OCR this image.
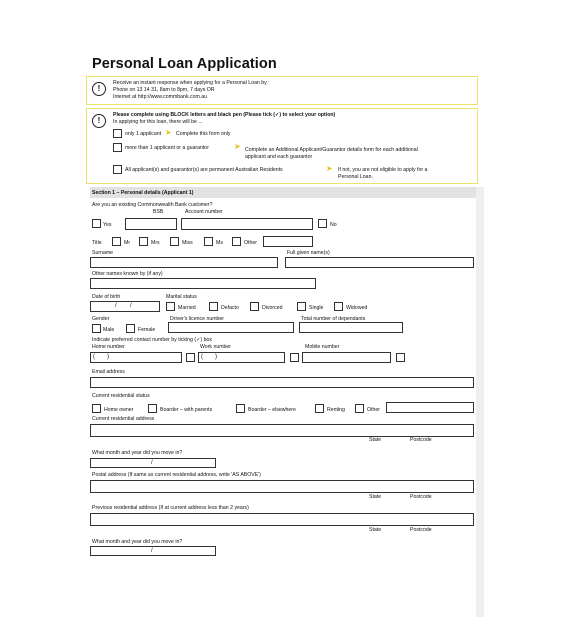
Personal Loan Application
!
Receive an instant response when applying for a Personal Loan by :
Phone on 13 14 31, 8am to 8pm, 7 days OR
Internet at http://www.commbank.com.au
!
Please complete using BLOCK letters and black pen (Please tick (✓) to select your option)
In applying for this loan, there will be ...
only 1 applicant ➤ Complete this form only
more than 1 applicant or a guarantor	➤ Complete an Additional Applicant/Guarantor details form for each additional
applicant and each guarantor
All applicant(s) and guarantor(s) are permanent Australian Residents	➤ If not, you are not eligible to apply for a
Personal Loan.
Section 1 – Personal details (Applicant 1)
Are you an existing Commonwealth Bank customer?
BSB	Account number
Yes	No
Title	Mr	Mrs	Miss	Ms	Other
Surname	Full given name(s)
Other names known by (if any)
Date of birth	Marital status
/ /	Married	Defacto	Divorced	Single	Widowed
Gender	Driver's licence number	Total number of dependants
Male	Female
Indicate preferred contact number by ticking (✓) box
Home number	Work number	Mobile number
( )	( )
Email address
Current residential status
Home owner	Boarder – with parents	Boarder – elsewhere	Renting	Other
Current residential address
State	Postcode
What month and year did you move in?
/
Postal address (If same as current residential address, write 'AS ABOVE')
State	Postcode
Previous residential address (If at current address less than 2 years)
State	Postcode
What month and year did you move in?
/
